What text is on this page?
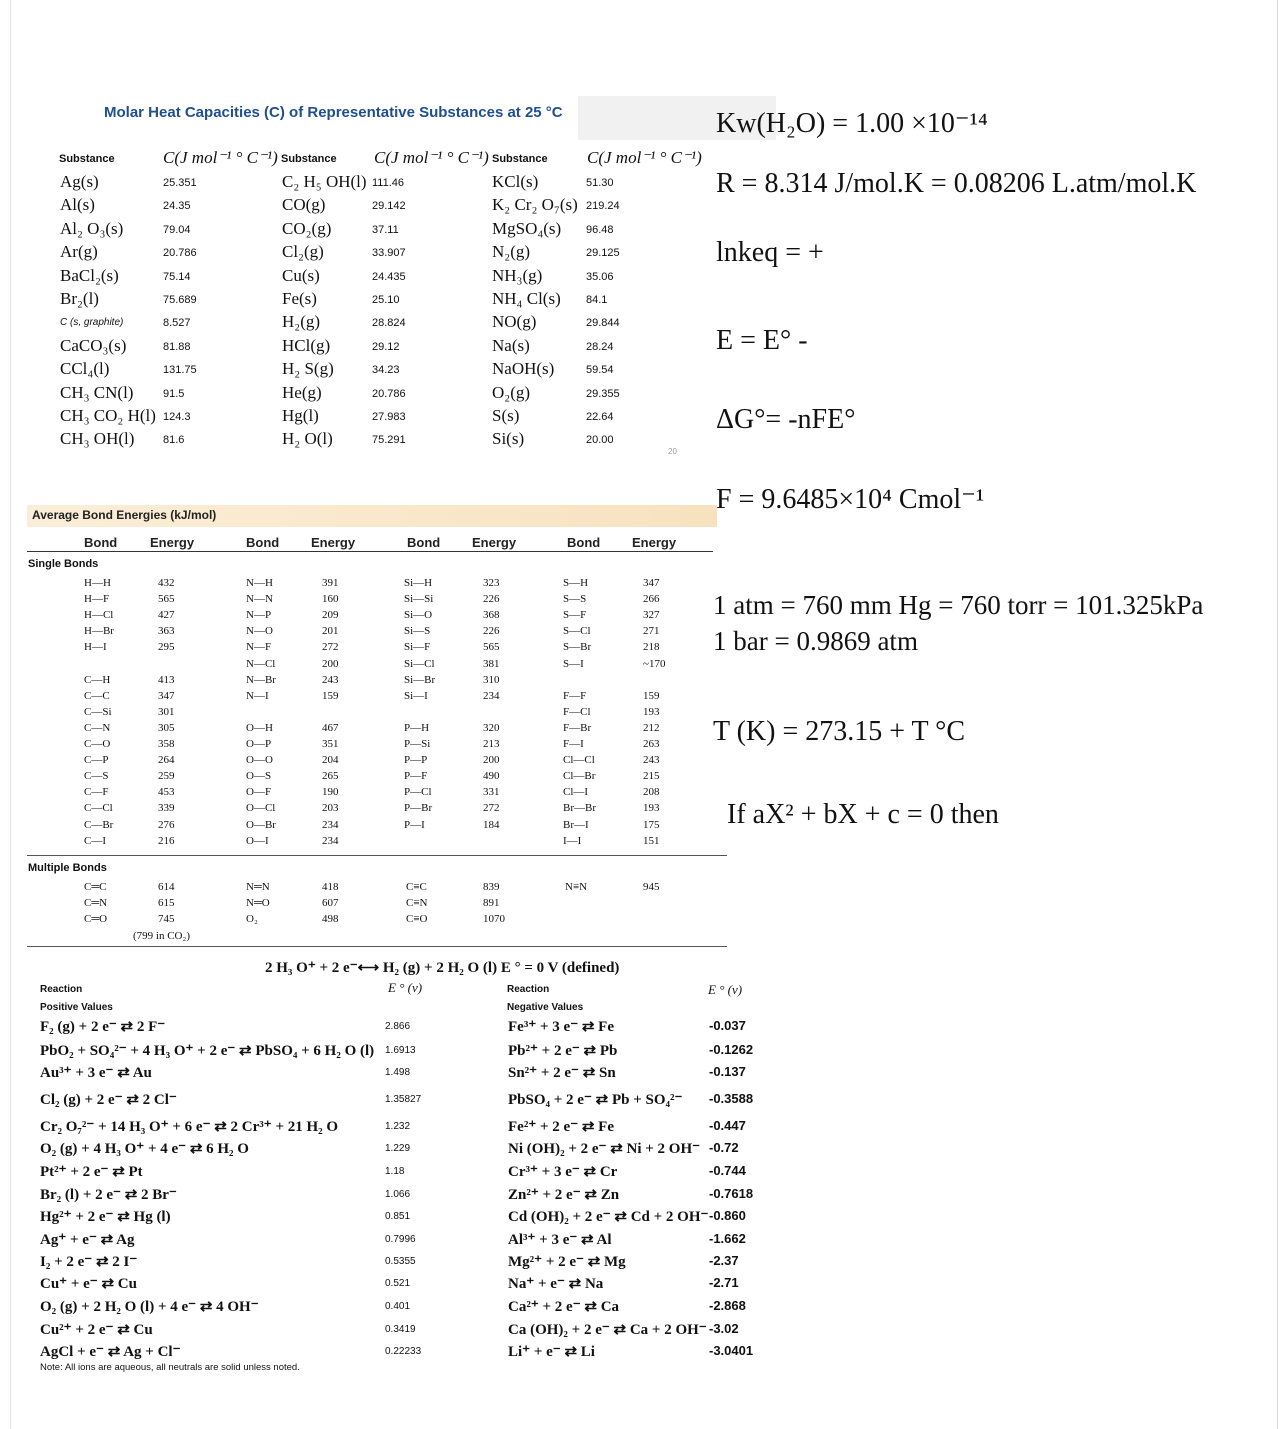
Molar Heat Capacities (C) of Representative Substances at 25 °C
Substance	C(J mol⁻¹ ° C⁻¹)
Ag(s)	25.351
Al(s)	24.35
Al₂ O₃(s)	79.04
Ar(g)	20.786
BaCl₂(s)	75.14
Br₂(l)	75.689
C (s, graphite)	8.527
CaCO₃(s)	81.88
CCl₄(l)	131.75
CH₃ CN(l)	91.5
CH₃ CO₂ H(l) 124.3
CH₃ OH(l)	81.6
Substance C(J mol⁻¹ ° C⁻¹)
C₂ H₅ OH(l) 111.46
CO(g)	29.142
CO₂(g)	37.11
Cl₂(g)	33.907
Cu(s)	24.435
Fe(s)	25.10
H₂(g)	28.824
HCl(g)	29.12
H₂ S(g)	34.23
He(g)	20.786
Hg(l)	27.983
H₂ O(l)	75.291
Substance C(J mol⁻¹ ° C⁻¹)
KCl(s)	51.30
K₂ Cr₂ O₇(s) 219.24
MgSO₄(s) 96.48
N₂(g)	29.125
NH₃(g)	35.06
NH₄ Cl(s) 84.1
NO(g)	29.844
Na(s)	28.24
NaOH(s)	59.54
O₂(g)	29.355
S(s)	22.64
Si(s)	20.00
20
Average Bond Energies (kJ/mol)
Bond	Energy	Bond Energy	Bond Energy	Bond Energy
Single Bonds
H—H	432
H—F	565
H—Cl	427
H—Br	363
H—I	295
C—H	413
C—C	347
C—Si	301
C—N	305
C—O	358
C—P	264
C—S	259
C—F	453
C—Cl	339
C—Br	276
C—I	216
N—H	391
N—N	160
N—P	209
N—O	201
N—F	272
N—Cl	200
N—Br	243
N—I	159
O—H	467
O—P	351
O—O	204
O—S	265
O—F	190
O—Cl	203
O—Br	234
O—I	234
Si—H	323
Si—Si	226
Si—O	368
Si—S	226
Si—F	565
Si—Cl	381
Si—Br	310
Si—I	234
P—H	320
P—Si	213
P—P	200
P—F	490
P—Cl	331
P—Br	272
P—I	184
S—H	347
S—S	266
S—F	327
S—Cl	271
S—Br	218
S—I	~170
F—F	159
F—Cl	193
F—Br	212
F—I	263
Cl—Cl	243
Cl—Br	215
Cl—I	208
Br—Br	193
Br—I	175
I—I	151
Multiple Bonds
C═C	614
C═N	615
C═O	745
N═N	418
N═O	607
O₂	498
C≡C	839
C≡N	891
C≡O	1070
N≡N	945
(799 in CO₂)
2 H₃ O⁺ + 2 e⁻⟷ H₂ (g) + 2 H₂ O (l) E ° = 0 V (defined)
Reaction	E ° (v)	Reaction	E ° (v)
Positive Values	Negative Values
F₂ (g) + 2 e⁻ ⇄ 2 F⁻	2.866
PbO₂ + SO₄²⁻ + 4 H₃ O⁺ + 2 e⁻ ⇄ PbSO₄ + 6 H₂ O (l) 1.6913
Au³⁺ + 3 e⁻ ⇄ Au	1.498
Cl₂ (g) + 2 e⁻ ⇄ 2 Cl⁻	1.35827
Cr₂ O₇²⁻ + 14 H₃ O⁺ + 6 e⁻ ⇄ 2 Cr³⁺ + 21 H₂ O	1.232
O₂ (g) + 4 H₃ O⁺ + 4 e⁻ ⇄ 6 H₂ O	1.229
Pt²⁺ + 2 e⁻ ⇄ Pt	1.18
Br₂ (l) + 2 e⁻ ⇄ 2 Br⁻	1.066
Hg²⁺ + 2 e⁻ ⇄ Hg (l)	0.851
Ag⁺ + e⁻ ⇄ Ag	0.7996
I₂ + 2 e⁻ ⇄ 2 I⁻	0.5355
Cu⁺ + e⁻ ⇄ Cu	0.521
O₂ (g) + 2 H₂ O (l) + 4 e⁻ ⇄ 4 OH⁻	0.401
Cu²⁺ + 2 e⁻ ⇄ Cu	0.3419
AgCl + e⁻ ⇄ Ag + Cl⁻	0.22233
Fe³⁺ + 3 e⁻ ⇄ Fe	-0.037
Pb²⁺ + 2 e⁻ ⇄ Pb	-0.1262
Sn²⁺ + 2 e⁻ ⇄ Sn	-0.137
PbSO₄ + 2 e⁻ ⇄ Pb + SO₄²⁻ -0.3588
Fe²⁺ + 2 e⁻ ⇄ Fe	-0.447
Ni (OH)₂ + 2 e⁻ ⇄ Ni + 2 OH⁻ -0.72
Cr³⁺ + 3 e⁻ ⇄ Cr	-0.744
Zn²⁺ + 2 e⁻ ⇄ Zn	-0.7618
Cd (OH)₂ + 2 e⁻ ⇄ Cd + 2 OH⁻ -0.860
Al³⁺ + 3 e⁻ ⇄ Al	-1.662
Mg²⁺ + 2 e⁻ ⇄ Mg	-2.37
Na⁺ + e⁻ ⇄ Na	-2.71
Ca²⁺ + 2 e⁻ ⇄ Ca	-2.868
Ca (OH)₂ + 2 e⁻ ⇄ Ca + 2 OH⁻ -3.02
Li⁺ + e⁻ ⇄ Li	-3.0401
Note: All ions are aqueous, all neutrals are solid unless noted.
Kw(H₂O) = 1.00 ×10⁻¹⁴
R = 8.314 J/mol.K = 0.08206 L.atm/mol.K
lnkeq = +
E = E° -
ΔG°= -nFE°
F = 9.6485×10⁴ Cmol⁻¹
1 atm = 760 mm Hg = 760 torr = 101.325kPa
1 bar = 0.9869 atm
T (K) = 273.15 + T °C
If aX² + bX + c = 0 then
